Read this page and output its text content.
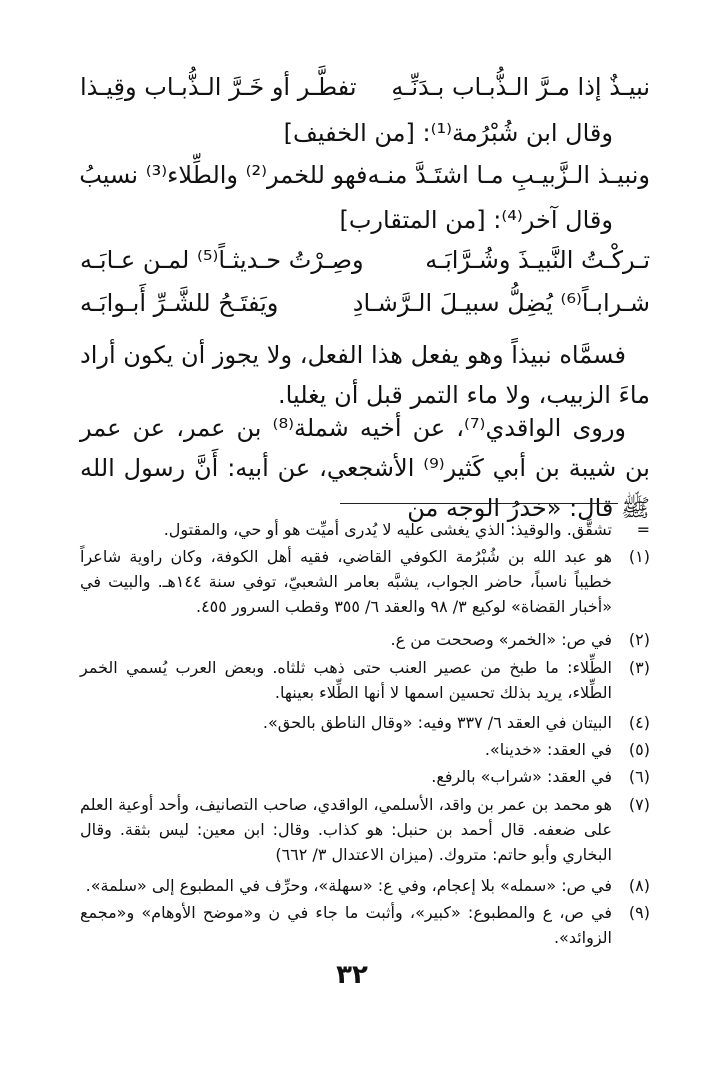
نبيـذٌ إذا مـرَّ الـذُّبـاب بـدَنِّـهِ
تفطَّـر أو خَـرَّ الـذُّبـاب وقِيـذا
وقال ابن شُبْرُمة⁽¹⁾: [من الخفيف]
ونبيـذ الـزَّبيـبِ مـا اشتَـدَّ منـه
فهو للخمر⁽²⁾ والطِّلاء⁽³⁾ نسيبُ
وقال آخر⁽⁴⁾: [من المتقارب]
تـركْـتُ النَّبيـذَ وشُـرَّابَـه
وصِـرْتُ حـديثـاً⁽⁵⁾ لمـن عـابَـه
شـرابـاً⁽⁶⁾ يُضِلُّ سبيـلَ الـرَّشـادِ
ويَفتَـحُ للشَّـرِّ أَبـوابَـه
فسمَّاه نبيذاً وهو يفعل هذا الفعل، ولا يجوز أن يكون أراد ماءَ الزبيب، ولا ماء التمر قبل أن يغليا.
وروى الواقدي⁽⁷⁾، عن أخيه شملة⁽⁸⁾ بن عمر، عن عمر بن شيبة بن أبي كَثير⁽⁹⁾ الأشجعي، عن أبيه: أَنَّ رسول الله ﷺ قال: «خدرُ الوجه من
=
تشقَّق. والوقيذ: الذي يغشى عليه لا يُدرى أميِّت هو أو حي، والمقتول.
(١)
هو عبد الله بن شُبْرُمة الكوفي القاضي، فقيه أهل الكوفة، وكان راوية شاعراً خطيباً ناسباً، حاضر الجواب، يشبَّه بعامر الشعبيّ، توفي سنة ١٤٤هـ. والبيت في «أخبار القضاة» لوكيع ٣/ ٩٨ والعقد ٦/ ٣٥٥ وقطب السرور ٤٥٥.
(٢)
في ص: «الخمر» وصححت من ع.
(٣)
الطِّلاء: ما طبخ من عصير العنب حتى ذهب ثلثاه. وبعض العرب يُسمي الخمر الطِّلاء، يريد بذلك تحسين اسمها لا أنها الطِّلاء بعينها.
(٤)
البيتان في العقد ٦/ ٣٣٧ وفيه: «وقال الناطق بالحق».
(٥)
في العقد: «خدينا».
(٦)
في العقد: «شراب» بالرفع.
(٧)
هو محمد بن عمر بن واقد، الأسلمي، الواقدي، صاحب التصانيف، وأحد أوعية العلم على ضعفه. قال أحمد بن حنبل: هو كذاب. وقال: ابن معين: ليس بثقة. وقال البخاري وأبو حاتم: متروك. (ميزان الاعتدال ٣/ ٦٦٢)
(٨)
في ص: «سمله» بلا إعجام، وفي ع: «سهلة»، وحرِّف في المطبوع إلى «سلمة».
(٩)
في ص، ع والمطبوع: «كبير»، وأثبت ما جاء في ن و«موضح الأوهام» و«مجمع الزوائد».
٣٢
